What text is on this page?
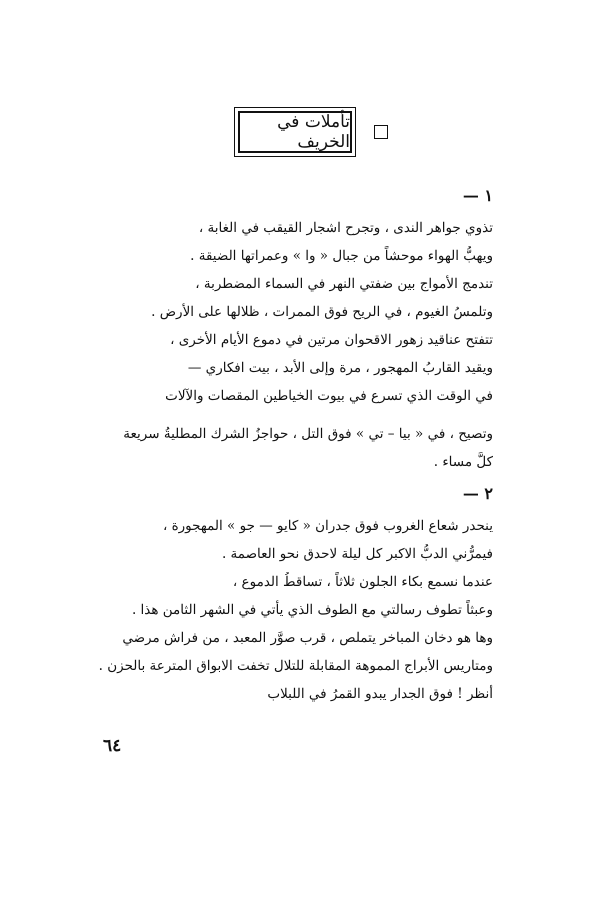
تأملات في الخريف
١ —
تذوي جواهر الندى ، وتجرح اشجار القيقب في الغابة ،
ويهبُّ الهواء موحشاً من جبال « وا » وعمراتها الضيقة .
تندمج الأمواج بين ضفتي النهر في السماء المضطربة ،
وتلمسُ الغيوم ، في الريح فوق الممرات ، ظلالها على الأرض .
تتفتح عناقيد زهور الاقحوان مرتين في دموع الأيام الأخرى ،
ويقيد القاربُ المهجور ، مرة وإلى الأبد ، بيت افكاري —
في الوقت الذي تسرع في بيوت الخياطين المقصات والآلات
وتصيح ، في « بيا – تي » فوق التل ، حواجزُ الشرك المطليةُ سريعة
كلَّ مساء .
٢ —
ينحدر شعاع الغروب فوق جدران « كايو — جو » المهجورة ،
فيمرُّني الدبُّ الاكبر كل ليلة لاحدق نحو العاصمة .
عندما نسمع بكاء الجلون ثلاثاً ، تساقطُ الدموع ،
وعبثاً تطوف رسالتي مع الطوف الذي يأتي في الشهر الثامن هذا .
وها هو دخان المباخر يتملص ، قرب صوَّر المعبد ، من فراش مرضي
ومتاريس الأبراج المموهة المقابلة للتلال تخفت الابواق المترعة بالحزن .
أنظر ! فوق الجدار يبدو القمرُ في اللبلاب
٦٤
